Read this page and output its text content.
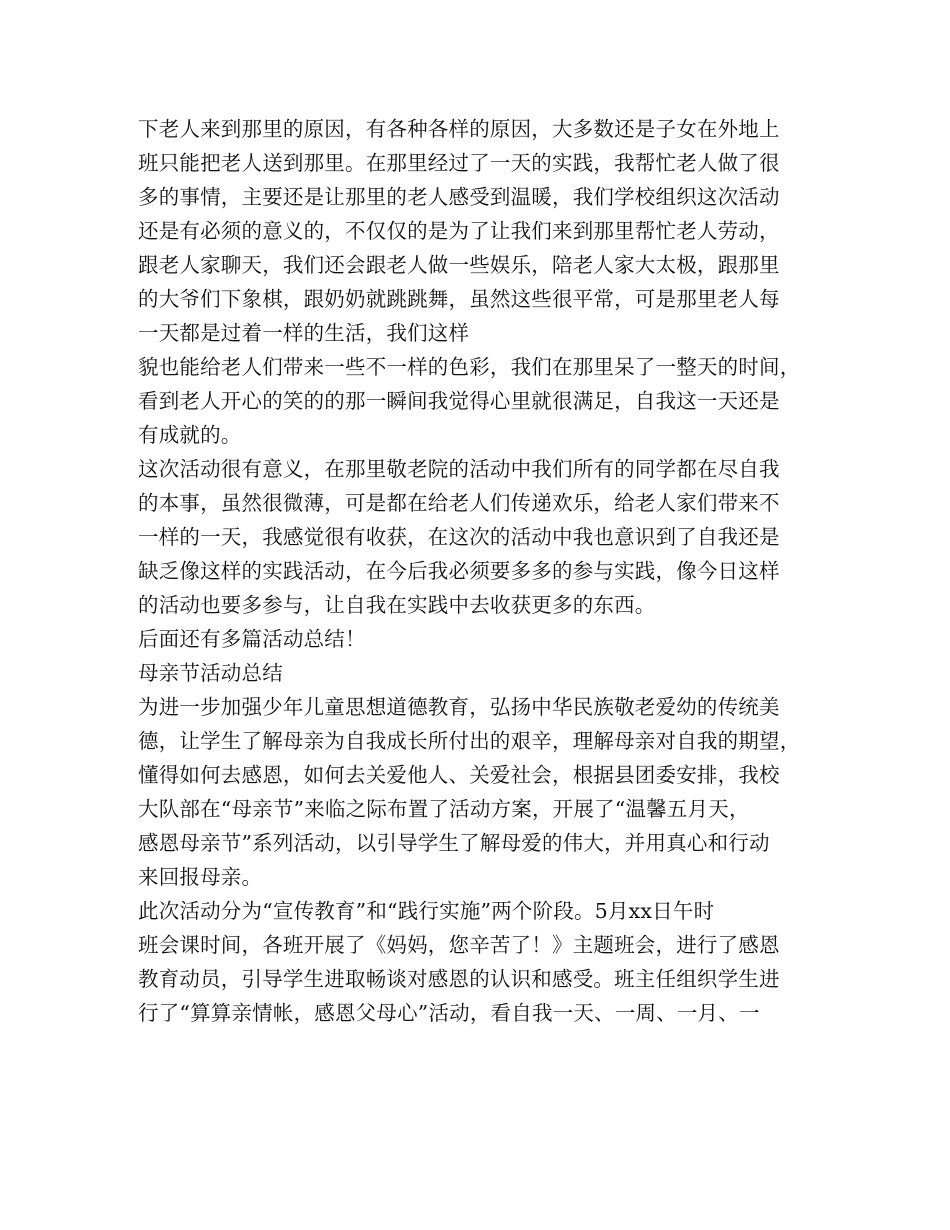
下老人来到那里的原因，有各种各样的原因，大多数还是子女在外地上
班只能把老人送到那里。在那里经过了一天的实践，我帮忙老人做了很
多的事情，主要还是让那里的老人感受到温暖，我们学校组织这次活动
还是有必须的意义的，不仅仅的是为了让我们来到那里帮忙老人劳动，
跟老人家聊天，我们还会跟老人做一些娱乐，陪老人家大太极，跟那里
的大爷们下象棋，跟奶奶就跳跳舞，虽然这些很平常，可是那里老人每
一天都是过着一样的生活，我们这样
貌也能给老人们带来一些不一样的色彩，我们在那里呆了一整天的时间，
看到老人开心的笑的的那一瞬间我觉得心里就很满足，自我这一天还是
有成就的。
这次活动很有意义，在那里敬老院的活动中我们所有的同学都在尽自我
的本事，虽然很微薄，可是都在给老人们传递欢乐，给老人家们带来不
一样的一天，我感觉很有收获，在这次的活动中我也意识到了自我还是
缺乏像这样的实践活动，在今后我必须要多多的参与实践，像今日这样
的活动也要多参与，让自我在实践中去收获更多的东西。
后面还有多篇活动总结！
母亲节活动总结
为进一步加强少年儿童思想道德教育，弘扬中华民族敬老爱幼的传统美
德，让学生了解母亲为自我成长所付出的艰辛，理解母亲对自我的期望，
懂得如何去感恩，如何去关爱他人、关爱社会，根据县团委安排，我校
大队部在“母亲节”来临之际布置了活动方案，开展了“温馨五月天，
感恩母亲节”系列活动，以引导学生了解母爱的伟大，并用真心和行动
来回报母亲。
此次活动分为“宣传教育”和“践行实施”两个阶段。5月xx日午时
班会课时间，各班开展了《妈妈，您辛苦了！》主题班会，进行了感恩
教育动员，引导学生进取畅谈对感恩的认识和感受。班主任组织学生进
行了“算算亲情帐，感恩父母心”活动，看自我一天、一周、一月、一
